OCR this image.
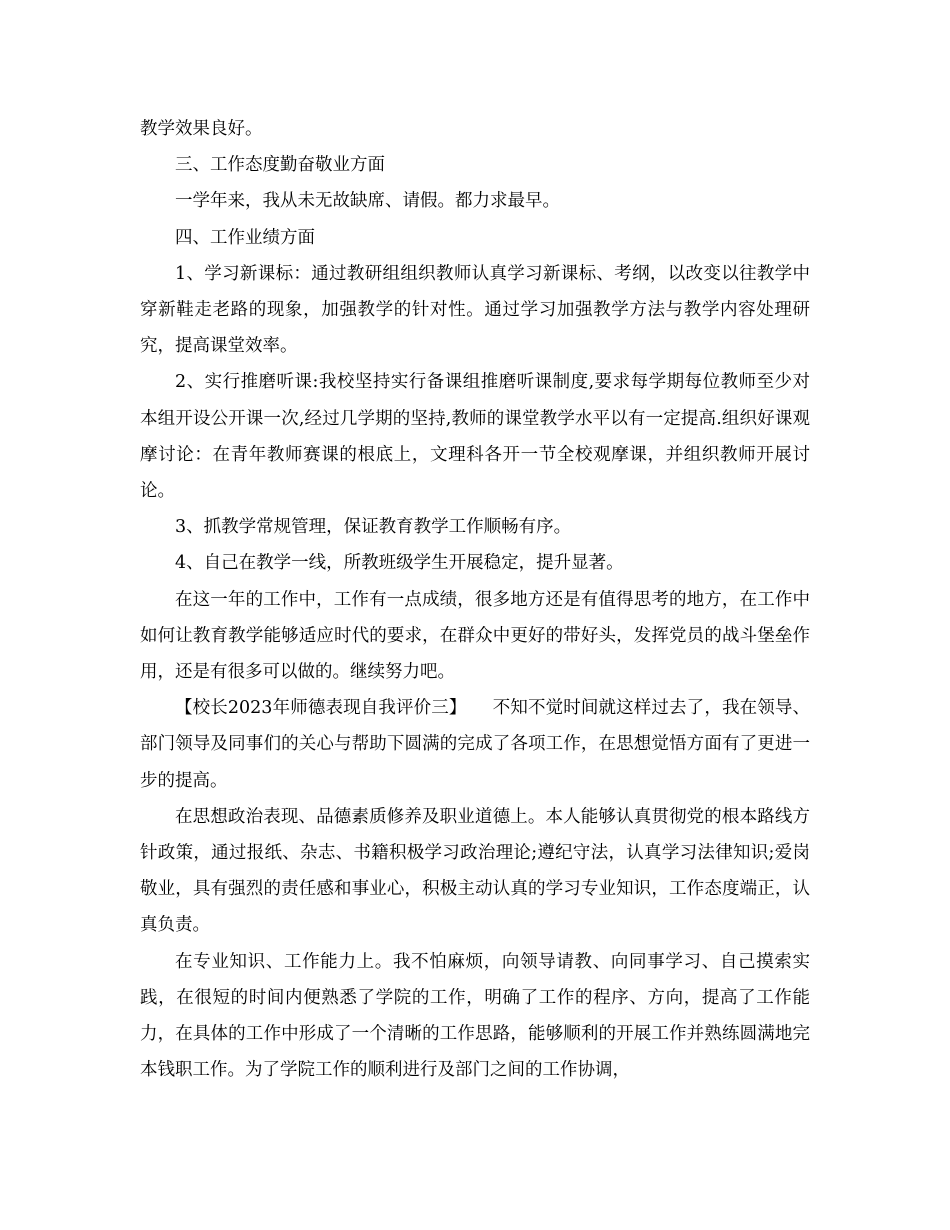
教学效果良好。

三、工作态度勤奋敬业方面

一学年来，我从未无故缺席、请假。都力求最早。

四、工作业绩方面

1、学习新课标：通过教研组组织教师认真学习新课标、考纲，以改变以往教学中穿新鞋走老路的现象，加强教学的针对性。通过学习加强教学方法与教学内容处理研究，提高课堂效率。

2、实行推磨听课:我校坚持实行备课组推磨听课制度,要求每学期每位教师至少对本组开设公开课一次,经过几学期的坚持,教师的课堂教学水平以有一定提高.组织好课观摩讨论：在青年教师赛课的根底上，文理科各开一节全校观摩课，并组织教师开展讨论。

3、抓教学常规管理，保证教育教学工作顺畅有序。

4、自己在教学一线，所教班级学生开展稳定，提升显著。

在这一年的工作中，工作有一点成绩，很多地方还是有值得思考的地方，在工作中如何让教育教学能够适应时代的要求，在群众中更好的带好头，发挥党员的战斗堡垒作用，还是有很多可以做的。继续努力吧。

【校长2023年师德表现自我评价三】 不知不觉时间就这样过去了，我在领导、部门领导及同事们的关心与帮助下圆满的完成了各项工作，在思想觉悟方面有了更进一步的提高。

在思想政治表现、品德素质修养及职业道德上。本人能够认真贯彻党的根本路线方针政策，通过报纸、杂志、书籍积极学习政治理论;遵纪守法，认真学习法律知识;爱岗敬业，具有强烈的责任感和事业心，积极主动认真的学习专业知识，工作态度端正，认真负责。

在专业知识、工作能力上。我不怕麻烦，向领导请教、向同事学习、自己摸索实践，在很短的时间内便熟悉了学院的工作，明确了工作的程序、方向，提高了工作能力，在具体的工作中形成了一个清晰的工作思路，能够顺利的开展工作并熟练圆满地完本钱职工作。为了学院工作的顺利进行及部门之间的工作协调，
